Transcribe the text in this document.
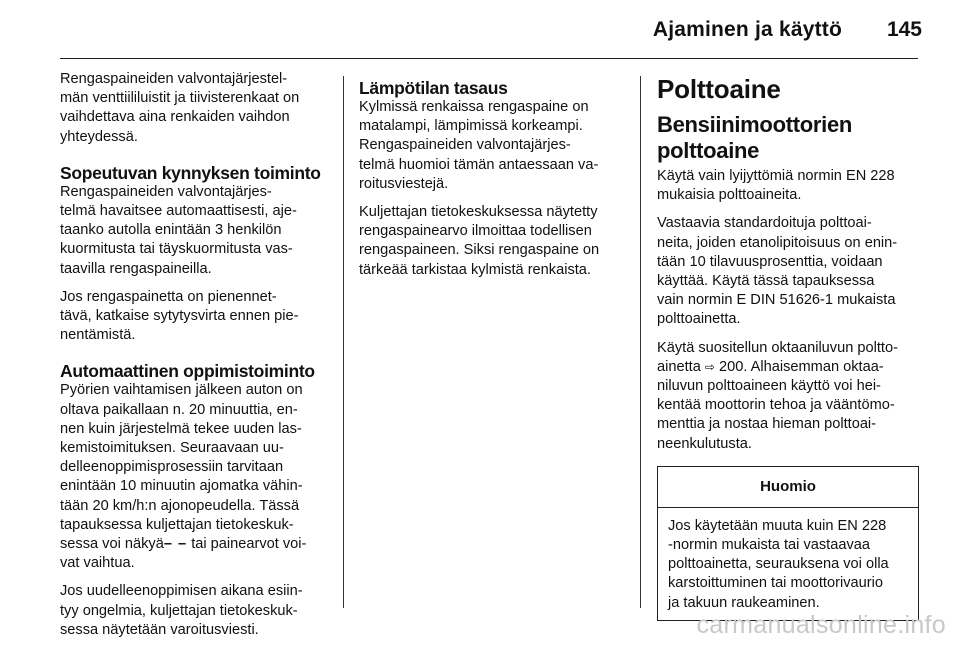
Ajaminen ja käyttö 145

Rengaspaineiden valvontajärjestel-
män venttiililuistit ja tiivisterenkaat on
vaihdettava aina renkaiden vaihdon
yhteydessä.

Sopeutuvan kynnyksen toiminto

Rengaspaineiden valvontajärjes-
telmä havaitsee automaattisesti, aje-
taanko autolla enintään 3 henkilön
kuormitusta tai täyskuormitusta vas-
taavilla rengaspaineilla.

Jos rengaspainetta on pienennet-
tävä, katkaise sytytysvirta ennen pie-
nentämistä.

Automaattinen oppimistoiminto

Pyörien vaihtamisen jälkeen auton on
oltava paikallaan n. 20 minuuttia, en-
nen kuin järjestelmä tekee uuden las-
kemistoimituksen. Seuraavaan uu-
delleenoppimisprosessiin tarvitaan
enintään 10 minuutin ajomatka vähin-
tään 20 km/h:n ajonopeudella. Tässä
tapauksessa kuljettajan tietokeskuk-
sessa voi näkyä– – tai painearvot voi-
vat vaihtua.

Jos uudelleenoppimisen aikana esiin-
tyy ongelmia, kuljettajan tietokeskuk-
sessa näytetään varoitusviesti.

Lämpötilan tasaus

Kylmissä renkaissa rengaspaine on
matalampi, lämpimissä korkeampi.
Rengaspaineiden valvontajärjes-
telmä huomioi tämän antaessaan va-
roitusviestejä.

Kuljettajan tietokeskuksessa näytetty
rengaspainearvo ilmoittaa todellisen
rengaspaineen. Siksi rengaspaine on
tärkeää tarkistaa kylmistä renkaista.

Polttoaine
Bensiinimoottorien
polttoaine

Käytä vain lyijyttömiä normin EN 228
mukaisia polttoaineita.

Vastaavia standardoituja polttoai-
neita, joiden etanolipitoisuus on enin-
tään 10 tilavuusprosenttia, voidaan
käyttää. Käytä tässä tapauksessa
vain normin E DIN 51626-1 mukaista
polttoainetta.

Käytä suositellun oktaaniluvun poltto-
ainetta ⇨ 200. Alhaisemman oktaa-
niluvun polttoaineen käyttö voi hei-
kentää moottorin tehoa ja vääntömo-
menttia ja nostaa hieman polttoai-
neenkulutusta.

Huomio
Jos käytetään muuta kuin EN 228
-normin mukaista tai vastaavaa
polttoainetta, seurauksena voi olla
karstoittuminen tai moottorivaurio
ja takuun raukeaminen.
carmanualsonline.info
